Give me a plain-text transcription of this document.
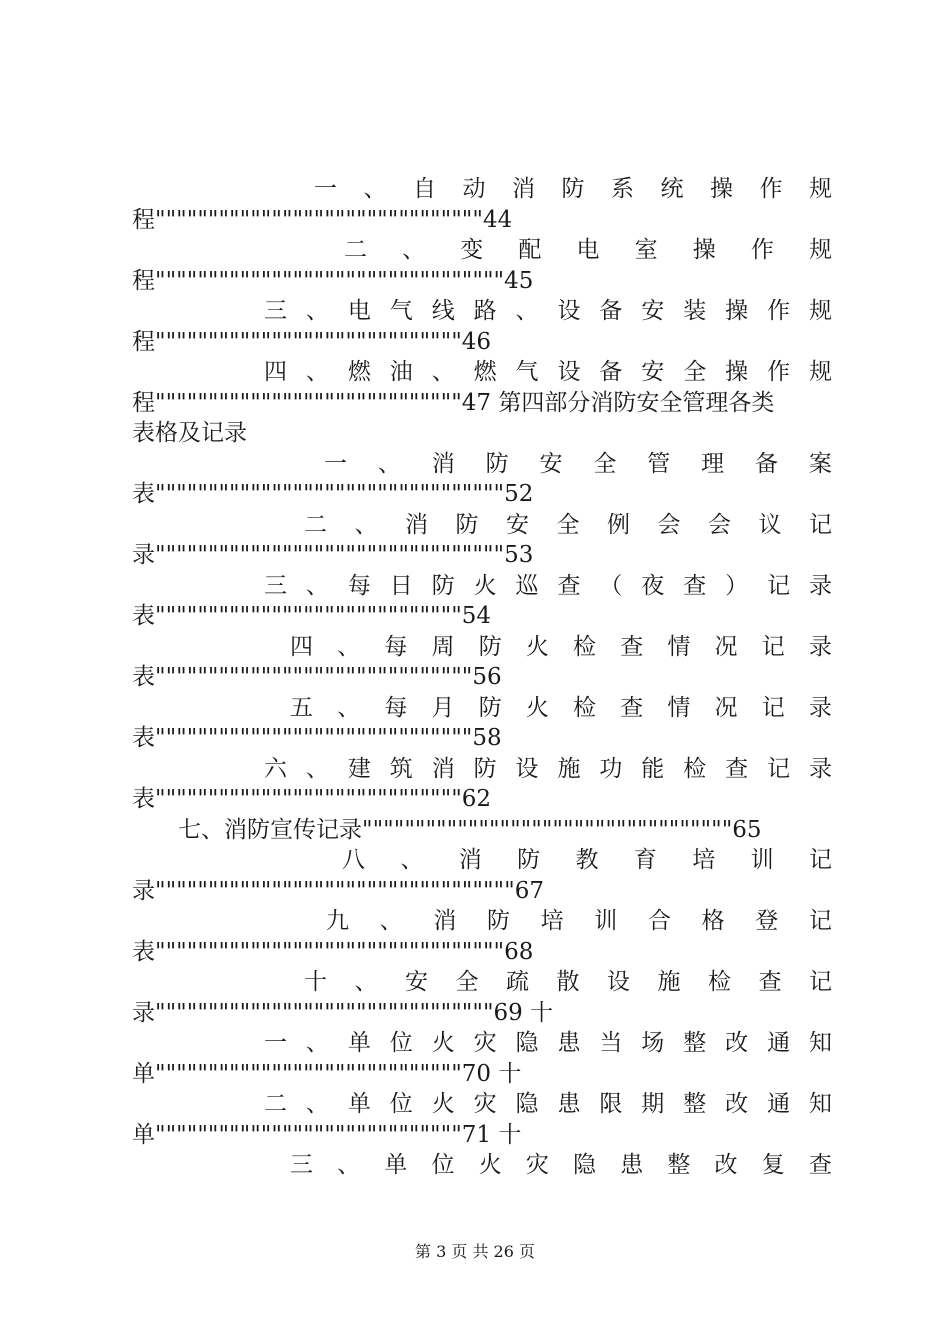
一 、 自 动 消 防 系 统 操 作 规
程"""""""""""""""""""""""""""""""44
二 、 变 配 电 室 操 作 规
程"""""""""""""""""""""""""""""""""45
三 、 电 气 线 路 、 设 备 安 装 操 作 规
程"""""""""""""""""""""""""""""46
四 、 燃 油 、 燃 气 设 备 安 全 操 作 规
程"""""""""""""""""""""""""""""47 第四部分消防安全管理各类
表格及记录
一 、 消 防 安 全 管 理 备 案
表"""""""""""""""""""""""""""""""""52
二 、 消 防 安 全 例 会 会 议 记
录"""""""""""""""""""""""""""""""""53
三 、 每 日 防 火 巡 查 （ 夜 查 ） 记 录
表"""""""""""""""""""""""""""""54
四 、 每 周 防 火 检 查 情 况 记 录
表""""""""""""""""""""""""""""""56
五 、 每 月 防 火 检 查 情 况 记 录
表""""""""""""""""""""""""""""""58
六 、 建 筑 消 防 设 施 功 能 检 查 记 录
表"""""""""""""""""""""""""""""62
七、消防宣传记录"""""""""""""""""""""""""""""""""""65
八 、 消 防 教 育 培 训 记
录""""""""""""""""""""""""""""""""""67
九 、 消 防 培 训 合 格 登 记
表"""""""""""""""""""""""""""""""""68
十 、 安 全 疏 散 设 施 检 查 记
录""""""""""""""""""""""""""""""""69 十
一 、 单 位 火 灾 隐 患 当 场 整 改 通 知
单"""""""""""""""""""""""""""""70 十
二 、 单 位 火 灾 隐 患 限 期 整 改 通 知
单"""""""""""""""""""""""""""""71 十
三 、 单 位 火 灾 隐 患 整 改 复 查
第 3 页 共 26 页
